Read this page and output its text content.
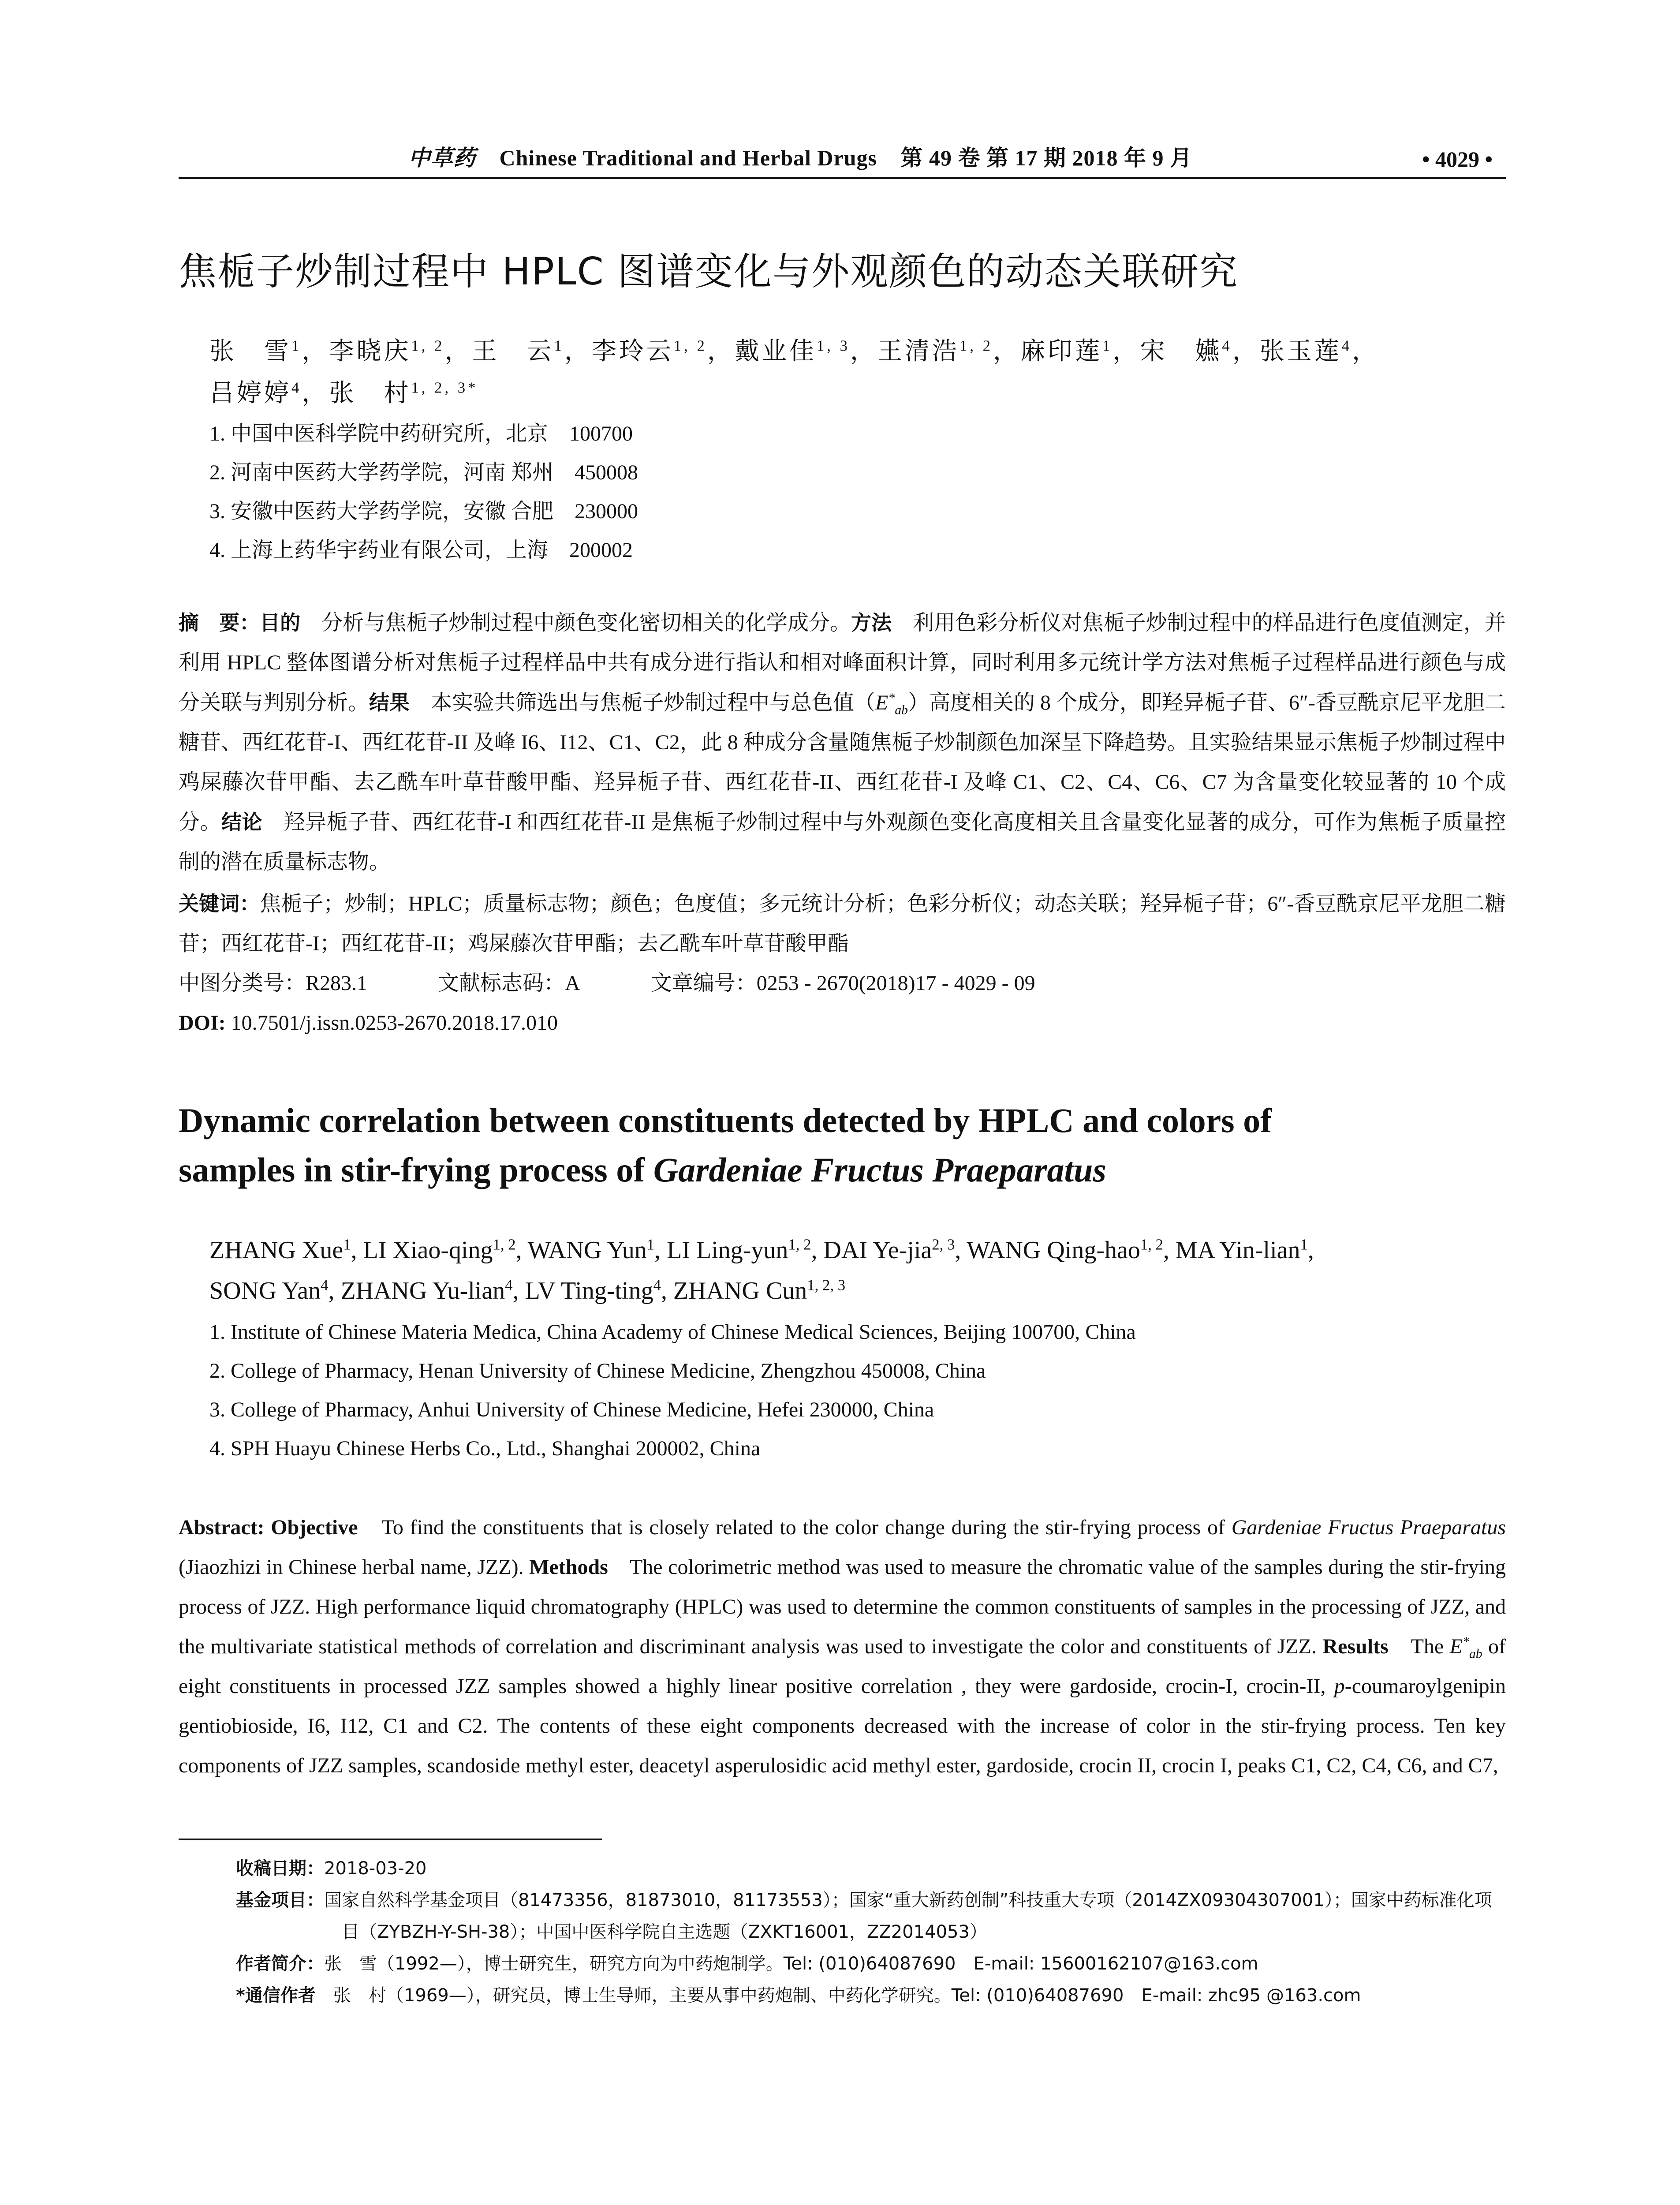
中草药 Chinese Traditional and Herbal Drugs 第 49 卷 第 17 期 2018 年 9 月	• 4029 •
焦栀子炒制过程中 HPLC 图谱变化与外观颜色的动态关联研究
张　雪$^1$，李晓庆$^{1, 2}$，王　云$^1$，李玲云$^{1, 2}$，戴业佳$^{1, 3}$，王清浩$^{1, 2}$，麻印莲$^1$，宋　嬿$^4$，张玉莲$^4$，
吕婷婷$^4$，张　村$^{1, 2, 3*}$
1. 中国中医科学院中药研究所，北京　100700
2. 河南中医药大学药学院，河南 郑州　450008
3. 安徽中医药大学药学院，安徽 合肥　230000
4. 上海上药华宇药业有限公司，上海　200002
摘　要：目的　分析与焦栀子炒制过程中颜色变化密切相关的化学成分。方法　利用色彩分析仪对焦栀子炒制过程中的样品进行色度值测定，并利用 HPLC 整体图谱分析对焦栀子过程样品中共有成分进行指认和相对峰面积计算，同时利用多元统计学方法对焦栀子过程样品进行颜色与成分关联与判别分析。结果　本实验共筛选出与焦栀子炒制过程中与总色值$(E^*_{ab})$高度相关的 8 个成分，即羟异栀子苷、6″-香豆酰京尼平龙胆二糖苷、西红花苷-I、西红花苷-II 及峰 I6、I12、C1、C2，此 8 种成分含量随焦栀子炒制颜色加深呈下降趋势。且实验结果显示焦栀子炒制过程中鸡屎藤次苷甲酯、去乙酰车叶草苷酸甲酯、羟异栀子苷、西红花苷-II、西红花苷-I 及峰 C1、C2、C4、C6、C7 为含量变化较显著的 10 个成分。结论　羟异栀子苷、西红花苷-I 和西红花苷-II 是焦栀子炒制过程中与外观颜色变化高度相关且含量变化显著的成分，可作为焦栀子质量控制的潜在质量标志物。
关键词：焦栀子；炒制；HPLC；质量标志物；颜色；色度值；多元统计分析；色彩分析仪；动态关联；羟异栀子苷；6″-香豆酰京尼平龙胆二糖苷；西红花苷-I；西红花苷-II；鸡屎藤次苷甲酯；去乙酰车叶草苷酸甲酯
中图分类号：R283.1	文献标志码：A	文章编号：0253 - 2670(2018)17 - 4029 - 09
DOI: 10.7501/j.issn.0253-2670.2018.17.010
Dynamic correlation between constituents detected by HPLC and colors of
samples in stir-frying process of Gardeniae Fructus Praeparatus
ZHANG Xue$^1$, LI Xiao-qing$^{1, 2}$, WANG Yun$^1$, LI Ling-yun$^{1, 2}$, DAI Ye-jia$^{2, 3}$, WANG Qing-hao$^{1, 2}$, MA Yin-lian$^1$,
SONG Yan$^4$, ZHANG Yu-lian$^4$, LV Ting-ting$^4$, ZHANG Cun$^{1, 2, 3}$
1. Institute of Chinese Materia Medica, China Academy of Chinese Medical Sciences, Beijing 100700, China
2. College of Pharmacy, Henan University of Chinese Medicine, Zhengzhou 450008, China
3. College of Pharmacy, Anhui University of Chinese Medicine, Hefei 230000, China
4. SPH Huayu Chinese Herbs Co., Ltd., Shanghai 200002, China
Abstract: Objective　To find the constituents that is closely related to the color change during the stir-frying process of Gardeniae Fructus Praeparatus (Jiaozhizi in Chinese herbal name, JZZ). Methods　The colorimetric method was used to measure the chromatic value of the samples during the stir-frying process of JZZ. High performance liquid chromatography (HPLC) was used to determine the common constituents of samples in the processing of JZZ, and the multivariate statistical methods of correlation and discriminant analysis was used to investigate the color and constituents of JZZ. Results　The $E^*_{ab}$ of eight constituents in processed JZZ samples showed a highly linear positive correlation , they were gardoside, crocin-I, crocin-II, p-coumaroylgenipin gentiobioside, I6, I12, C1 and C2. The contents of these eight components decreased with the increase of color in the stir-frying process. Ten key components of JZZ samples, scandoside methyl ester, deacetyl asperulosidic acid methyl ester, gardoside, crocin II, crocin I, peaks C1, C2, C4, C6, and C7,
收稿日期：2018-03-20
基金项目：国家自然科学基金项目（81473356，81873010，81173553）；国家“重大新药创制”科技重大专项（2014ZX09304307001）；国家中药标准化项目（ZYBZH-Y-SH-38）；中国中医科学院自主选题（ZXKT16001，ZZ2014053）
作者简介：张　雪（1992—），博士研究生，研究方向为中药炮制学。Tel: (010)64087690　E-mail: 15600162107@163.com
*通信作者　张　村（1969—），研究员，博士生导师，主要从事中药炮制、中药化学研究。Tel: (010)64087690　E-mail: zhc95 @163.com
